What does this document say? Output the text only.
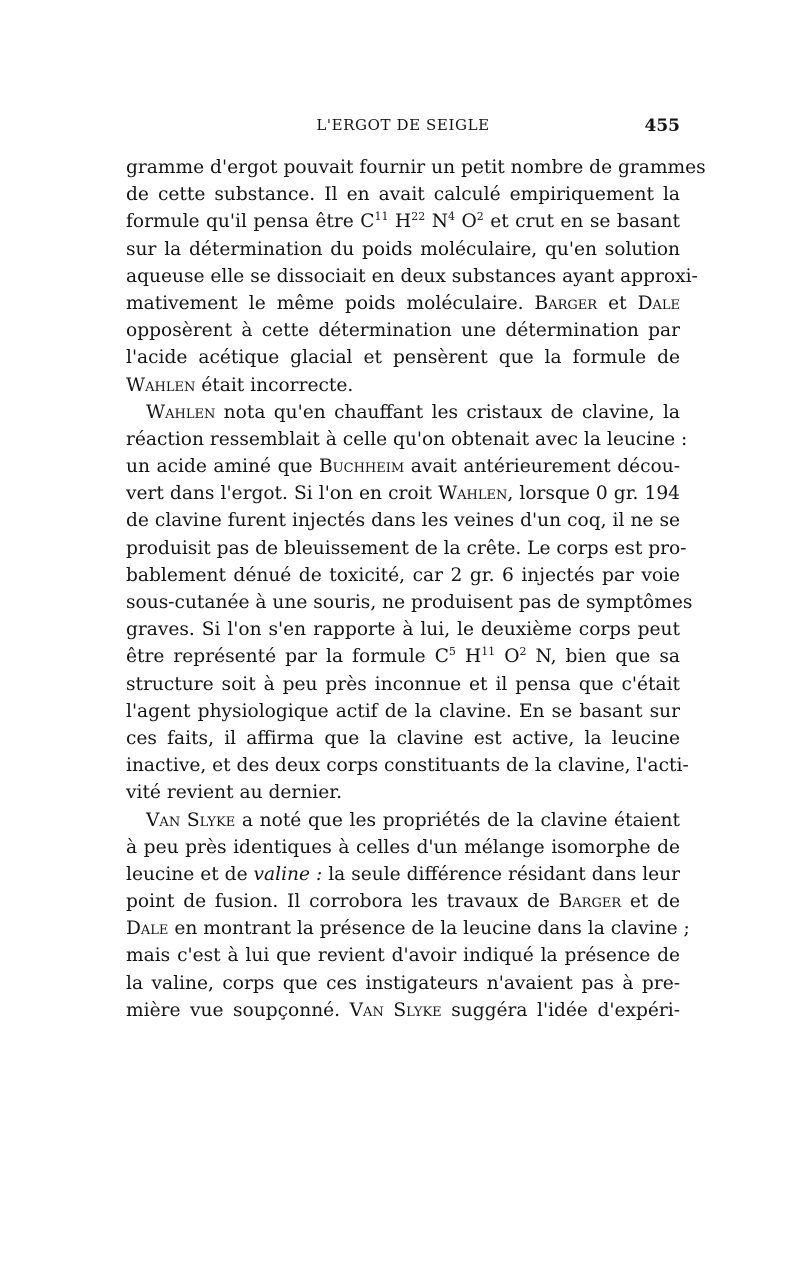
L'ERGOT DE SEIGLE	455
gramme d'ergot pouvait fournir un petit nombre de grammes
de cette substance. Il en avait calculé empiriquement la
formule qu'il pensa être $C^{11}$ $H^{22}$ $N^4$ $O^2$ et crut en se basant
sur la détermination du poids moléculaire, qu'en solution
aqueuse elle se dissociait en deux substances ayant approxi-
mativement le même poids moléculaire. Barger et Dale
opposèrent à cette détermination une détermination par
l'acide acétique glacial et pensèrent que la formule de
Wahlen était incorrecte.
Wahlen nota qu'en chauffant les cristaux de clavine, la
réaction ressemblait à celle qu'on obtenait avec la leucine :
un acide aminé que Buchheim avait antérieurement décou-
vert dans l'ergot. Si l'on en croit Wahlen, lorsque 0 gr. 194
de clavine furent injectés dans les veines d'un coq, il ne se
produisit pas de bleuissement de la crête. Le corps est pro-
bablement dénué de toxicité, car 2 gr. 6 injectés par voie
sous-cutanée à une souris, ne produisent pas de symptômes
graves. Si l'on s'en rapporte à lui, le deuxième corps peut
être représenté par la formule $C^5$ $H^{11}$ $O^2$ N, bien que sa
structure soit à peu près inconnue et il pensa que c'était
l'agent physiologique actif de la clavine. En se basant sur
ces faits, il affirma que la clavine est active, la leucine
inactive, et des deux corps constituants de la clavine, l'acti-
vité revient au dernier.
Van Slyke a noté que les propriétés de la clavine étaient
à peu près identiques à celles d'un mélange isomorphe de
leucine et de valine : la seule différence résidant dans leur
point de fusion. Il corrobora les travaux de Barger et de
Dale en montrant la présence de la leucine dans la clavine ;
mais c'est à lui que revient d'avoir indiqué la présence de
la valine, corps que ces instigateurs n'avaient pas à pre-
mière vue soupçonné. Van Slyke suggéra l'idée d'expéri-
